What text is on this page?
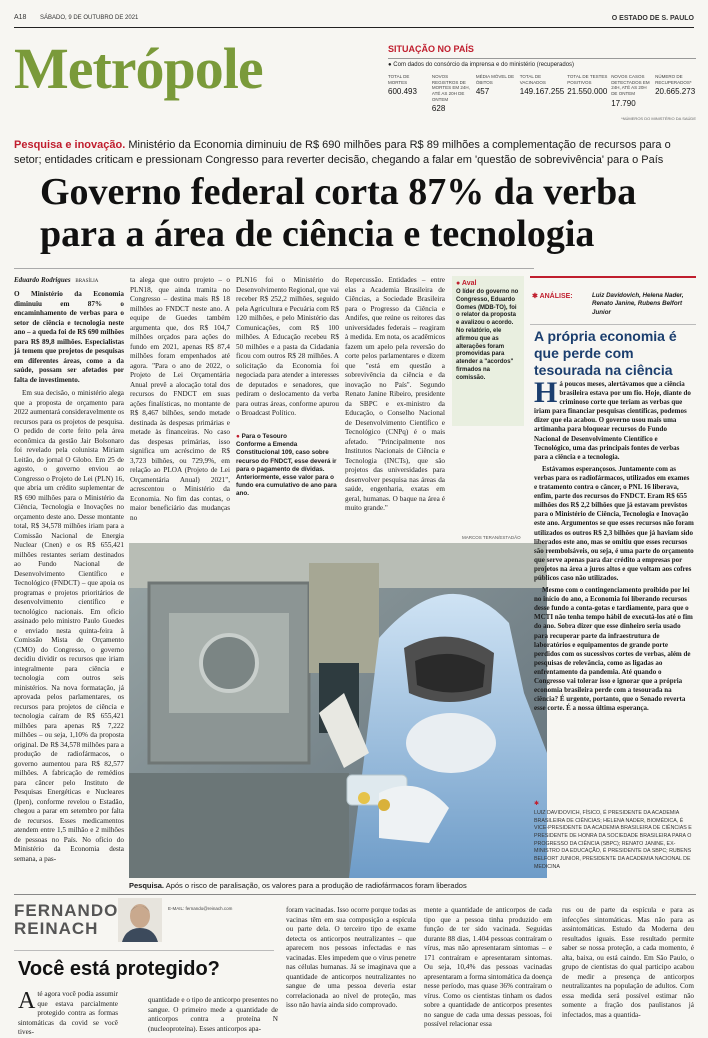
A18 SÁBADO, 9 DE OUTUBRO DE 2021	O ESTADO DE S. PAULO
Metrópole	SITUAÇÃO NO PAÍS
● Com dados do consórcio da imprensa e do ministério (recuperados)
TOTAL DE MORTES
600.493
NOVOS REGISTROS DE MORTES EM 24H, ATÉ AS 20H DE ONTEM
628
MÉDIA MÓVEL DE ÓBITOS
457
TOTAL DE VACINADOS
149.167.255
TOTAL DE TESTES POSITIVOS
21.550.000
NOVOS CASOS DETECTADOS EM 24H, ATÉ AS 20H DE ONTEM
17.790
NÚMERO DE RECUPERADOS*
20.665.273
*NÚMEROS DO MINISTÉRIO DA SAÚDE
Pesquisa e inovação. Ministério da Economia diminuiu de R$ 690 milhões para R$ 89 milhões a complementação de recursos para o setor; entidades criticam e pressionam Congresso para reverter decisão, chegando a falar em 'questão de sobrevivência' para o País
Governo federal corta 87% da verba
para a área de ciência e tecnologia
Eduardo Rodrigues BRASÍLIA
O Ministério da Economia diminuiu em 87% o encaminhamento de verbas para o setor de ciência e tecnologia neste ano – a queda foi de R$ 690 milhões para R$ 89,8 milhões. Especialistas já temem que projetos de pesquisas em diferentes áreas, como a da saúde, possam ser afetados por falta de investimento.
Em sua decisão, o ministério alega que a proposta de orçamento para 2022 aumentará consideravelmente os recursos para os projetos de pesquisa. O pedido de corte feito pela área econômica da gestão Jair Bolsonaro foi revelado pela colunista Miriam Leitão, do jornal O Globo. Em 25 de agosto, o governo enviou ao Congresso o Projeto de Lei (PLN) 16, que abria um crédito suplementar de R$ 690 milhões para o Ministério da Ciência, Tecnologia e Inovações no orçamento deste ano. Desse montante total, R$ 34,578 milhões iriam para a Comissão Nacional de Energia Nuclear (Cnen) e os R$ 655,421 milhões restantes seriam destinados ao Fundo Nacional de Desenvolvimento Científico e Tecnológico (FNDCT) – que apoia os programas e projetos prioritários de desenvolvimento científico e tecnológico nacionais. Em ofício assinado pelo ministro Paulo Guedes e enviado nesta quinta-feira à Comissão Mista de Orçamento (CMO) do Congresso, o governo decidiu dividir os recursos que iriam integralmente para ciência e tecnologia com outros seis ministérios. Na nova formatação, já aprovada pelos parlamentares, os recursos para projetos de ciência e tecnologia caíram de R$ 655,421 milhões para apenas R$ 7,222 milhões – ou seja, 1,10% da proposta original. De R$ 34,578 milhões para a produção de radiofármacos, o governo aumentou para R$ 82,577 milhões. A fabricação de remédios para câncer pelo Instituto de Pesquisas Energéticas e Nucleares (Ipen), conforme revelou o Estadão, chegou a parar em setembro por falta de recursos. Esses medicamentos atendem entre 1,5 milhão e 2 milhões de pessoas no País. No ofício do Ministério da Economia desta semana, a pas-
ta alega que outro projeto – o PLN18, que ainda tramita no Congresso – destina mais R$ 18 milhões ao FNDCT neste ano. A equipe de Guedes também argumenta que, dos R$ 104,7 milhões orçados para ações do fundo em 2021, apenas R$ 87,4 milhões foram empenhados até agora. "Para o ano de 2022, o Projeto de Lei Orçamentária Anual prevê a alocação total dos recursos do FNDCT em suas ações finalísticas, no montante de R$ 8,467 bilhões, sendo metade destinada às despesas primárias e metade às financeiras. No caso das despesas primárias, isso significa um acréscimo de R$ 3,723 bilhões, ou 729,9%, em relação ao PLOA (Projeto de Lei Orçamentária Anual) 2021", acrescentou o Ministério da Economia. No fim das contas, o maior beneficiário das mudanças no
PLN16 foi o Ministério do Desenvolvimento Regional, que vai receber R$ 252,2 milhões, seguido pela Agricultura e Pecuária com R$ 120 milhões, e pelo Ministério das Comunicações, com R$ 100 milhões. A Educação recebeu R$ 50 milhões e a pasta da Cidadania ficou com outros R$ 28 milhões. A solicitação da Economia foi negociada para atender a interesses de deputados e senadores, que pediram o deslocamento da verba para outras áreas, conforme apurou o Broadcast Político.
● Para o Tesouro
Conforme a Emenda Constitucional 109, caso sobre recurso do FNDCT, esse deverá ir para o pagamento de dívidas. Anteriormente, esse valor para o fundo era cumulativo de ano para ano.
Repercussão. Entidades – entre elas a Academia Brasileira de Ciências, a Sociedade Brasileira para o Progresso da Ciência e Andifes, que reúne os reitores das universidades federais – reagiram à medida. Em nota, os acadêmicos fazem um apelo pela reversão do corte pelos parlamentares e dizem que "está em questão a sobrevivência da ciência e da inovação no País". Segundo Renato Janine Ribeiro, presidente da SBPC e ex-ministro da Educação, o Conselho Nacional de Desenvolvimento Científico e Tecnológico (CNPq) é o mais afetado. "Principalmente nos Institutos Nacionais de Ciência e Tecnologia (INCTs), que são projetos das universidades para desenvolver pesquisa nas áreas da saúde, engenharia, exatas em geral, humanas. O baque na área é muito grande."
● Aval
O líder do governo no Congresso, Eduardo Gomes (MDB-TO), foi o relator da proposta e avalizou o acordo. No relatório, ele afirmou que as alterações foram promovidas para atender a "acordos" firmados na comissão.
MARCOS TERAN/ESTADÃO
Pesquisa. Após o risco de paralisação, os valores para a produção de radiofármacos foram liberados
✱ ANÁLISE:	Luiz Davidovich, Helena Nader, Renato Janine, Rubens Belfort Junior
A própria economia é que perde com tesourada na ciência
H á poucos meses, alertávamos que a ciência brasileira estava por um fio. Hoje, diante do criminoso corte que teriam as verbas que iriam para financiar pesquisas científicas, podemos dizer que ela acabou. O governo usou mais uma artimanha para bloquear recursos do Fundo Nacional de Desenvolvimento Científico e Tecnológico, uma das principais fontes de verbas para a ciência e a tecnologia.
Estávamos esperançosos. Juntamente com as verbas para os radiofármacos, utilizados em exames e tratamento contra o câncer, o PNL 16 liberava, enfim, parte dos recursos do FNDCT. Eram R$ 655 milhões dos R$ 2,2 bilhões que já estavam previstos para o Ministério de Ciência, Tecnologia e Inovação este ano. Argumentos se que esses recursos não foram utilizados os outros R$ 2,3 bilhões que já haviam sido liberados este ano, mas se omitiu que esses recursos são reembolsáveis, ou seja, é uma parte do orçamento que serve apenas para dar crédito a empresas por projetos na área a juros altos e que voltam aos cofres públicos caso não utilizados.
Mesmo com o contingenciamento proibido por lei no início do ano, a Economia foi liberando recursos desse fundo a conta-gotas e tardiamente, para que o MCTI não tenha tempo hábil de executá-los até o fim do ano. Sobra dizer que esse dinheiro seria usado para recuperar parte da infraestrutura de laboratórios e equipamentos de grande porte perdidos com os sucessivos cortes de verbas, além de pesquisas de relevância, como as ligadas ao enfrentamento da pandemia. Até quando o Congresso vai tolerar isso e ignorar que a própria economia brasileira perde com a tesourada na ciência? É urgente, portanto, que o Senado reverta esse corte. É a nossa última esperança.
✱
LUIZ DAVIDOVICH, FÍSICO, É PRESIDENTE DA ACADEMIA BRASILEIRA DE CIÊNCIAS; HELENA NADER, BIOMÉDICA, É VICE-PRESIDENTE DA ACADEMIA BRASILEIRA DE CIÊNCIAS E PRESIDENTE DE HONRA DA SOCIEDADE BRASILEIRA PARA O PROGRESSO DA CIÊNCIA (SBPC); RENATO JANINE, EX-MINISTRO DA EDUCAÇÃO, É PRESIDENTE DA SBPC; RUBENS BELFORT JUNIOR, PRESIDENTE DA ACADEMIA NACIONAL DE MEDICINA
FERNANDO
REINACH
E-MAIL: fernando@reinach.com
Você está protegido?
A té agora você podia assumir que estava parcialmente protegido contra as formas sintomáticas da covid se você tives-
quantidade e o tipo de anticorpo presentes no sangue. O primeiro mede a quantidade de anticorpos contra a proteína N (nucleoproteína). Esses anticorpos apa-
foram vacinadas. Isso ocorre porque todas as vacinas têm em sua composição a espícula ou parte dela. O terceiro tipo de exame detecta os anticorpos neutralizantes – que aparecem nos pessoas infectadas e nas vacinadas. Eles impedem que o vírus penetre nas células humanas. Já se imaginava que a quantidade de anticorpos neutralizantes no sangue de uma pessoa deveria estar correlacionada ao nível de proteção, mas isso não havia ainda sido comprovado.
mente a quantidade de anticorpos de cada tipo que a pessoa tinha produzido em função de ter sido vacinada. Seguidas durante 88 dias, 1.404 pessoas contraíram o vírus, mas não apresentaram sintomas – e 171 contraíram e apresentaram sintomas. Ou seja, 10,4% das pessoas vacinadas apresentaram a forma sintomática da doença nesse período, mas quase 36% contraíram o vírus. Como os cientistas tinham os dados sobre a quantidade de anticorpos presentes no sangue de cada uma dessas pessoas, foi possível relacionar essa
rus ou de parte da espícula e para as infecções sintomáticas. Mas não para as assintomáticas. Estudo da Moderna deu resultados iguais. Esse resultado permite saber se nossa proteção, a cada momento, é alta, baixa, ou está caindo. Em São Paulo, o grupo de cientistas do qual participo acabou de medir a presença de anticorpos neutralizantes na população de adultos. Com essa medida será possível estimar não somente a fração dos paulistanos já infectados, mas a quantida-
